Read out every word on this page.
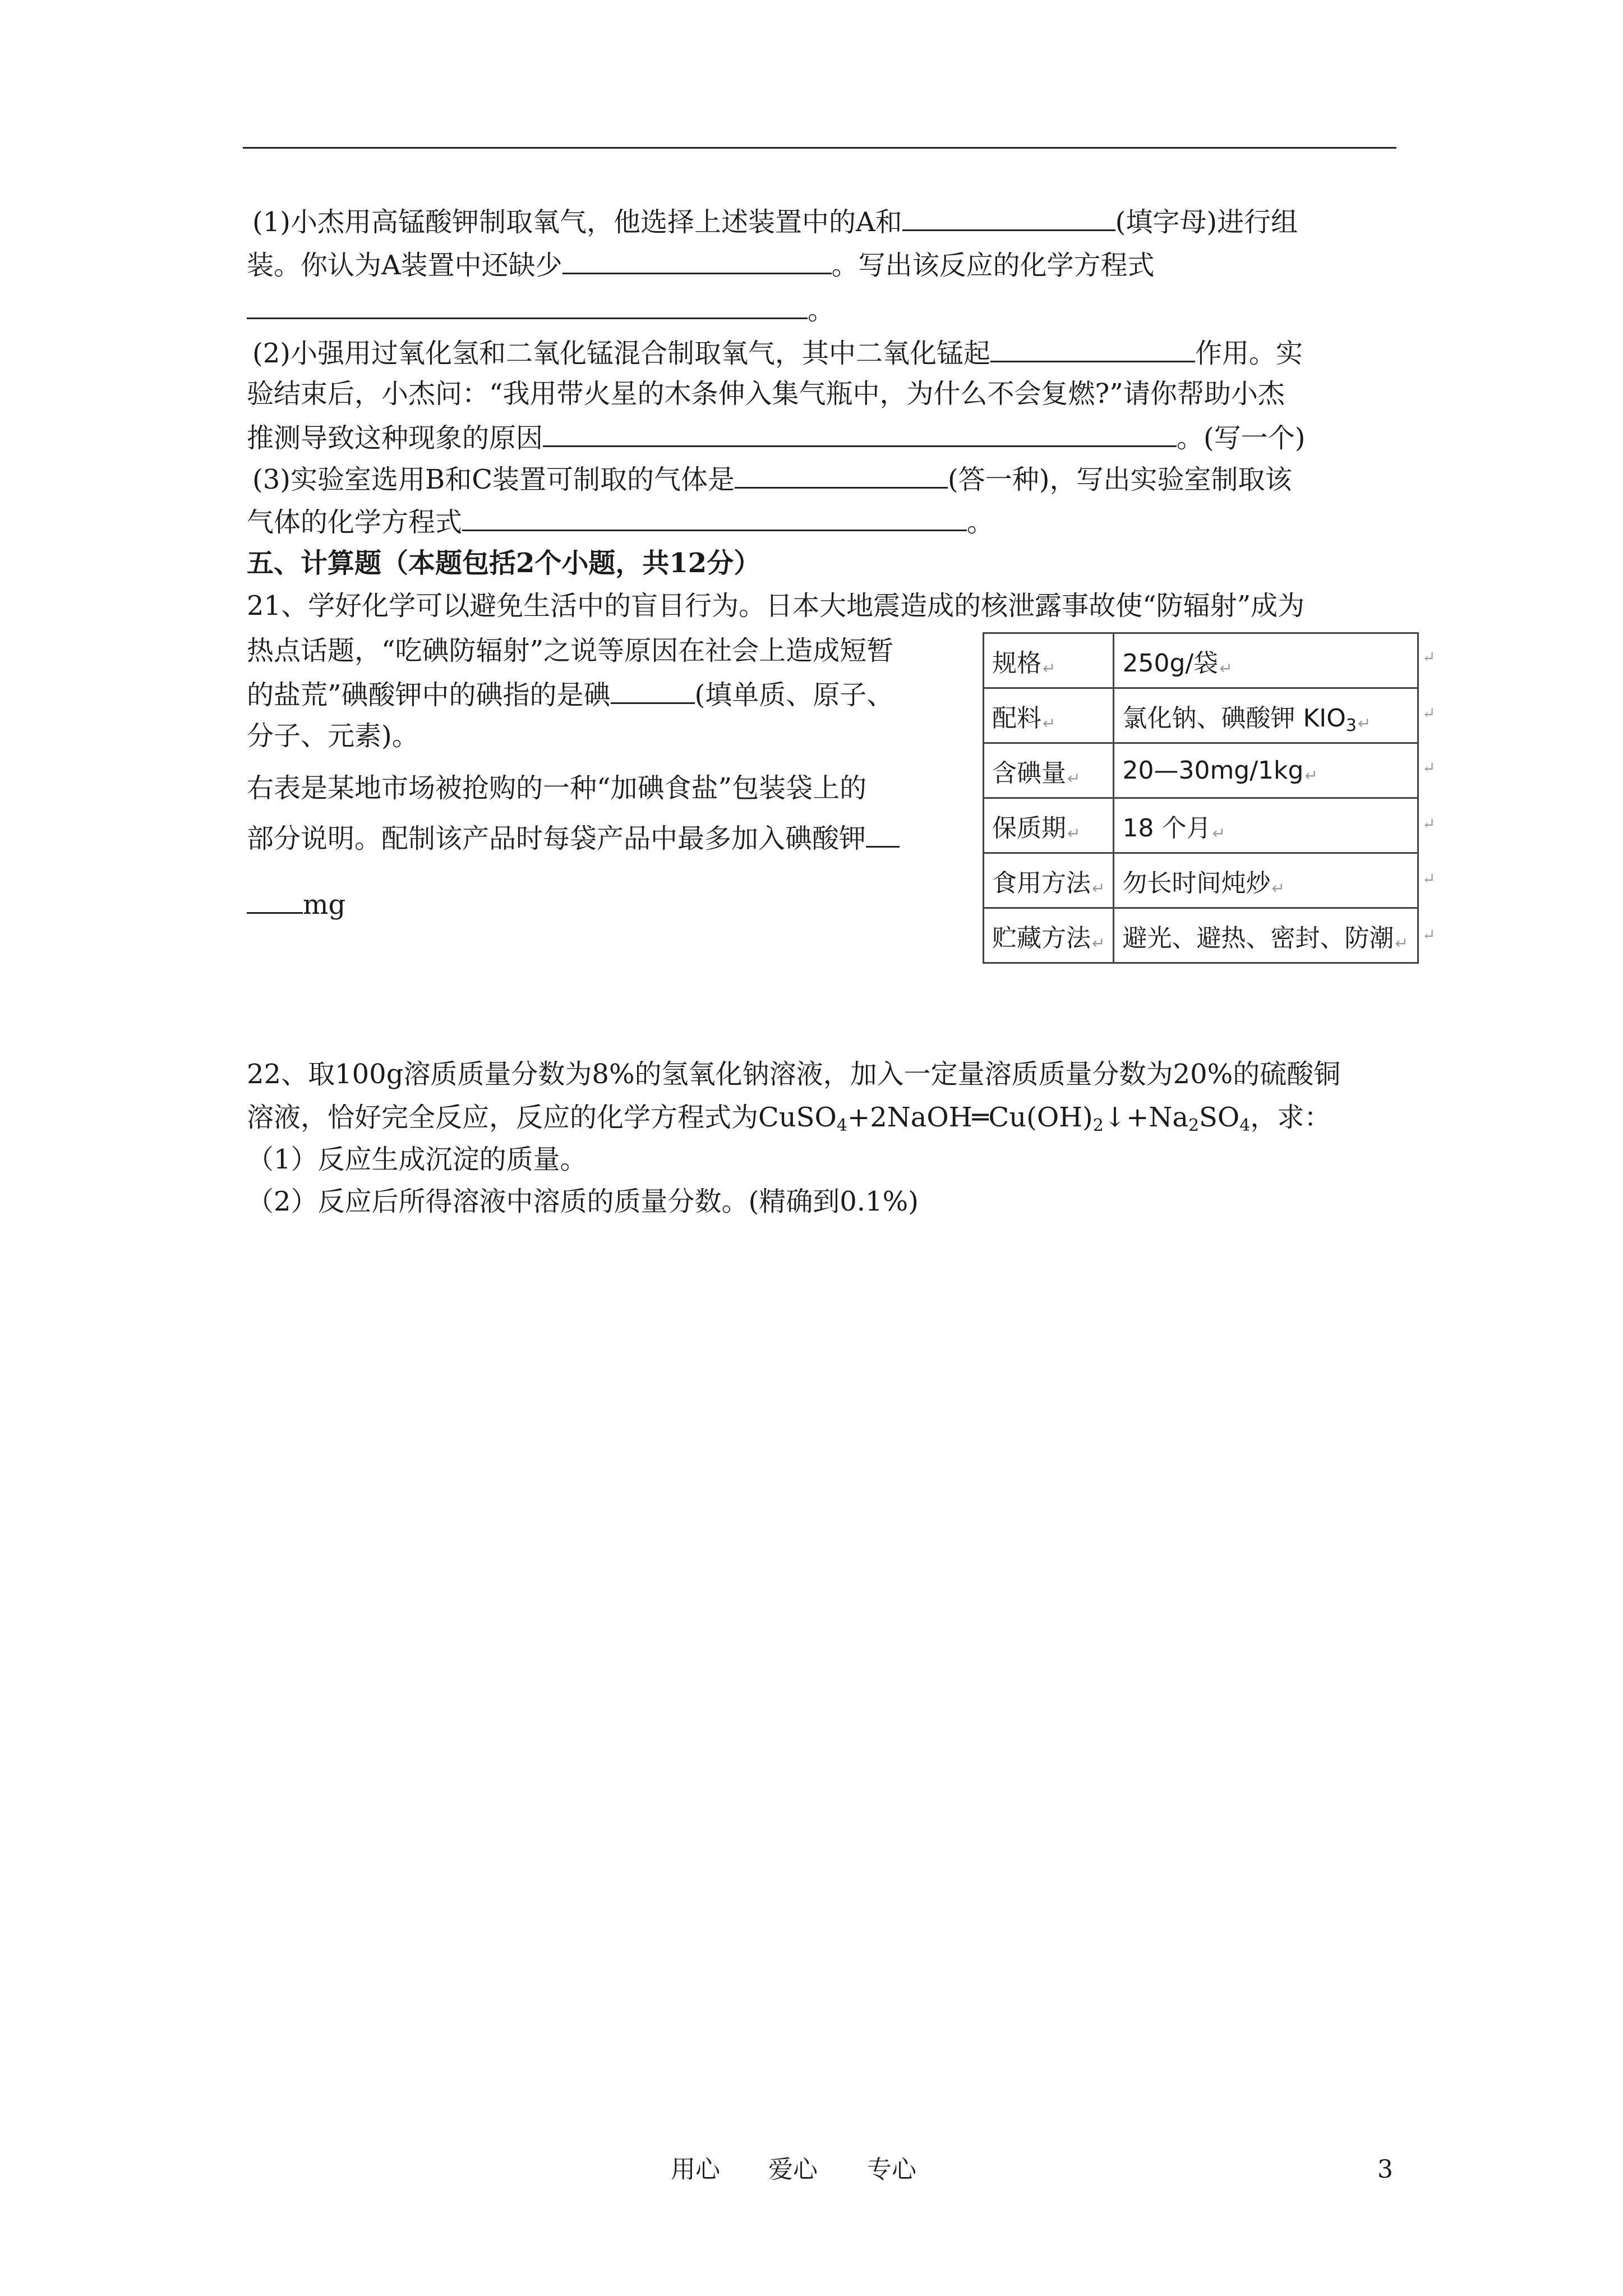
(1)小杰用高锰酸钾制取氧气，他选择上述装置中的A和	(填字母)进行组
装。你认为A装置中还缺少	。写出该反应的化学方程式
。
(2)小强用过氧化氢和二氧化锰混合制取氧气，其中二氧化锰起	作用。实
验结束后，小杰问：“我用带火星的木条伸入集气瓶中，为什么不会复燃?”请你帮助小杰
推测导致这种现象的原因	。(写一个)
(3)实验室选用B和C装置可制取的气体是	(答一种)，写出实验室制取该
气体的化学方程式	。
五、计算题（本题包括2个小题，共12分）
21、学好化学可以避免生活中的盲目行为。日本大地震造成的核泄露事故使“防辐射”成为
热点话题，“吃碘防辐射”之说等原因在社会上造成短暂
的盐荒”碘酸钾中的碘指的是碘	(填单质、原子、
分子、元素)。
右表是某地市场被抢购的一种“加碘食盐”包装袋上的
部分说明。配制该产品时每袋产品中最多加入碘酸钾
mg
规格↵	250g/袋↵
配料↵	氯化钠、碘酸钾 $KIO_3↵$
含碘量↵	20—30mg/1kg↵
保质期↵	18 个月↵
食用方法↵	勿长时间炖炒↵
贮藏方法↵	避光、避热、密封、防潮↵
↵
↵
↵
↵
↵
↵
22、取100g溶质质量分数为8%的氢氧化钠溶液，加入一定量溶质质量分数为20%的硫酸铜
溶液，恰好完全反应，反应的化学方程式为$CuSO_4+2NaOH═Cu(OH)_2↓+Na_2SO_4$，求：
（1）反应生成沉淀的质量。
（2）反应后所得溶液中溶质的质量分数。(精确到0.1%)
用心 爱心 专心	3
